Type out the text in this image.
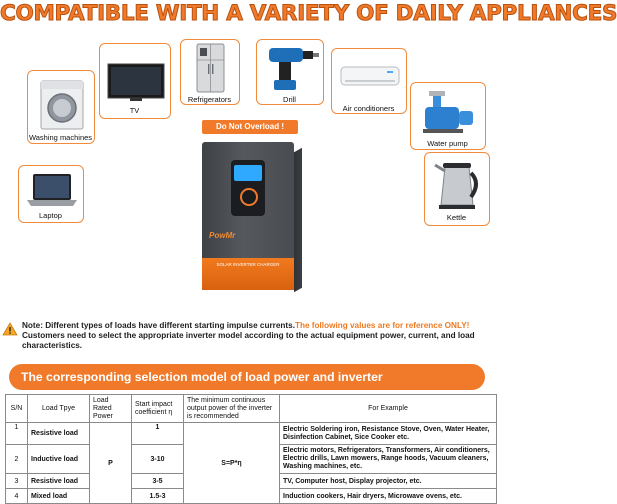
COMPATIBLE WITH A VARIETY OF DAILY APPLIANCES
Refrigerators	Drill
TV	Air conditioners
Washing machines
Water pump
Laptop	Kettle
Do Not Overload !
PowMr
SOLAR INVERTER CHARGER
Note: Different types of loads have different starting impulse currents.The following values are for reference ONLY! Customers need to select the appropriate inverter model according to the actual equipment power, current, and load characteristics.
The corresponding selection model of load power and inverter
S/N	Load Tpye	Load Rated Power	Start impact coefficient η	The minimum continuous output power of the inverter is recommended	For Example
1	Resistive load	P	1	S=P*η	Electric Soldering iron, Resistance Stove, Oven, Water Heater,
Disinfection Cabinet, Sice Cooker etc.

2	Inductive load		3-10		Electric motors, Refrigerators, Transformers, Air conditioners,
Electric drills, Lawn mowers, Range hoods, Vacuum cleaners,
Washing machines, etc.

3	Resistive load		3-5		TV, Computer host, Display projector, etc.
4	Mixed load		1.5-3		Induction cookers, Hair dryers, Microwave ovens, etc.
